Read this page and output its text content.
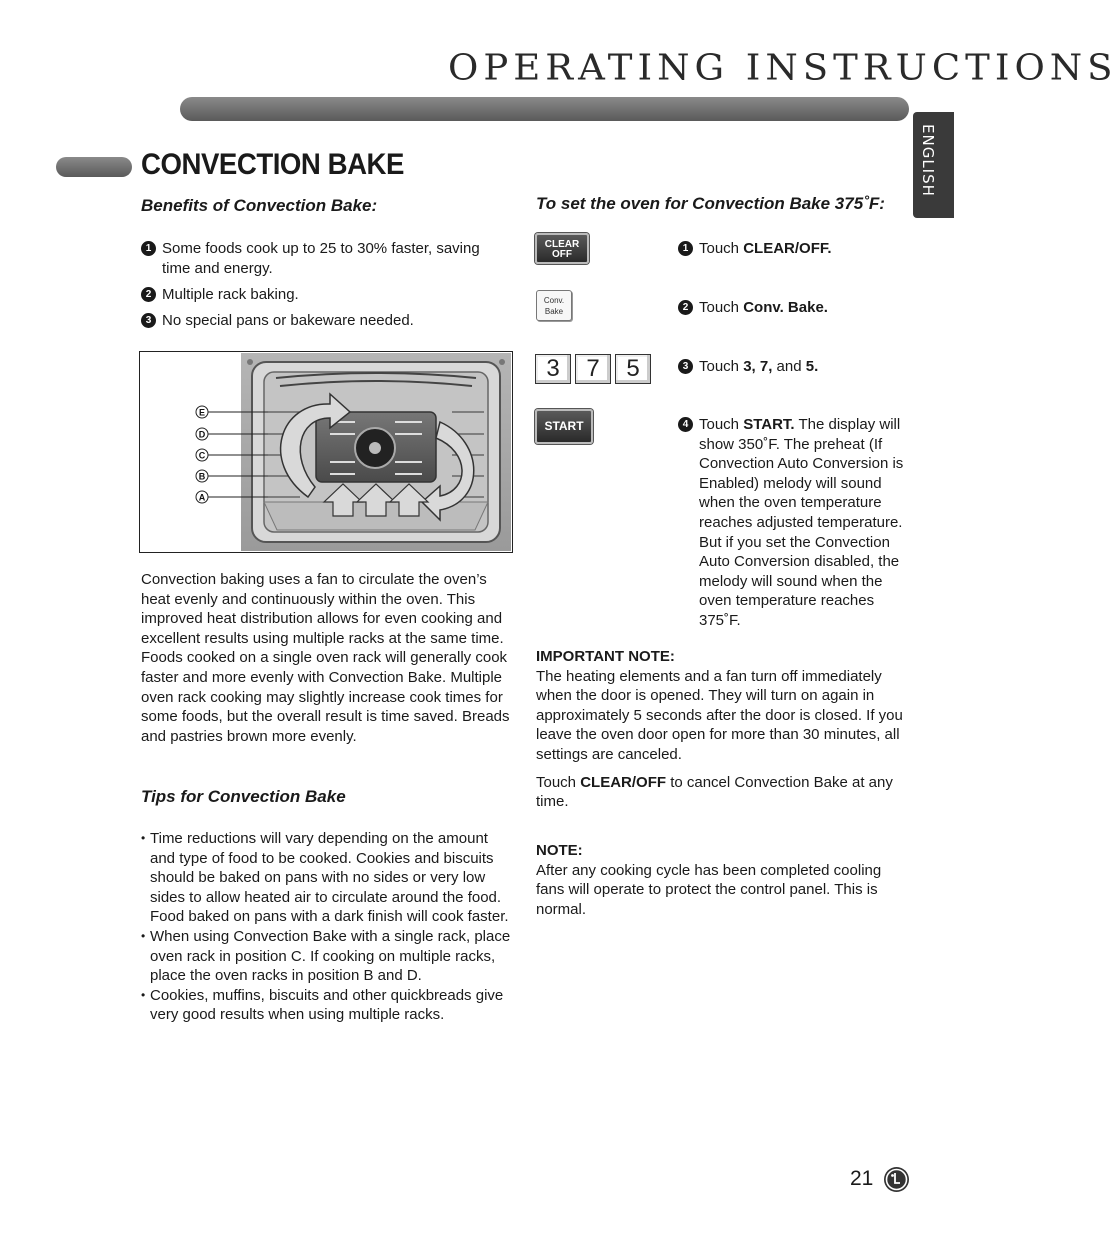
OPERATING INSTRUCTIONS
ENGLISH
CONVECTION BAKE
Benefits of Convection Bake:
1 Some foods cook up to 25 to 30% faster, saving time and energy.
2 Multiple rack baking.
3 No special pans or bakeware needed.
E
D
C
B
A
Convection baking uses a fan to circulate the oven’s heat evenly and continuously within the oven. This improved heat distribution allows for even cooking and excellent results using multiple racks at the same time. Foods cooked on a single oven rack will generally cook faster and more evenly with Convection Bake. Multiple oven rack cooking may slightly increase cook times for some foods, but the overall result is time saved. Breads and pastries brown more evenly.
Tips for Convection Bake
• Time reductions will vary depending on the amount and type of food to be cooked. Cookies and biscuits should be baked on pans with no sides or very low sides to allow heated air to circulate around the food. Food baked on pans with a dark finish will cook faster.
• When using Convection Bake with a single rack, place oven rack in position C. If cooking on multiple racks, place the oven racks in position B and D.
• Cookies, muffins, biscuits and other quickbreads give very good results when using multiple racks.
To set the oven for Convection Bake 375˚F:
CLEAR
OFF
Conv.
Bake
3	7	5
START
1 Touch CLEAR/OFF.
2 Touch Conv. Bake.
3 Touch 3, 7, and 5.
4 Touch START. The display will show 350˚F. The preheat (If Convection Auto Conversion is Enabled) melody will sound when the oven temperature reaches adjusted temperature. But if you set the Convection Auto Conversion disabled, the melody will sound when the oven temperature reaches 375˚F.
IMPORTANT NOTE:
The heating elements and a fan turn off immediately when the door is opened. They will turn on again in approximately 5 seconds after the door is closed. If you leave the oven door open for more than 30 minutes, all settings are canceled.
Touch CLEAR/OFF to cancel Convection Bake at any time.
NOTE:
After any cooking cycle has been completed cooling fans will operate to protect the control panel. This is normal.
21
